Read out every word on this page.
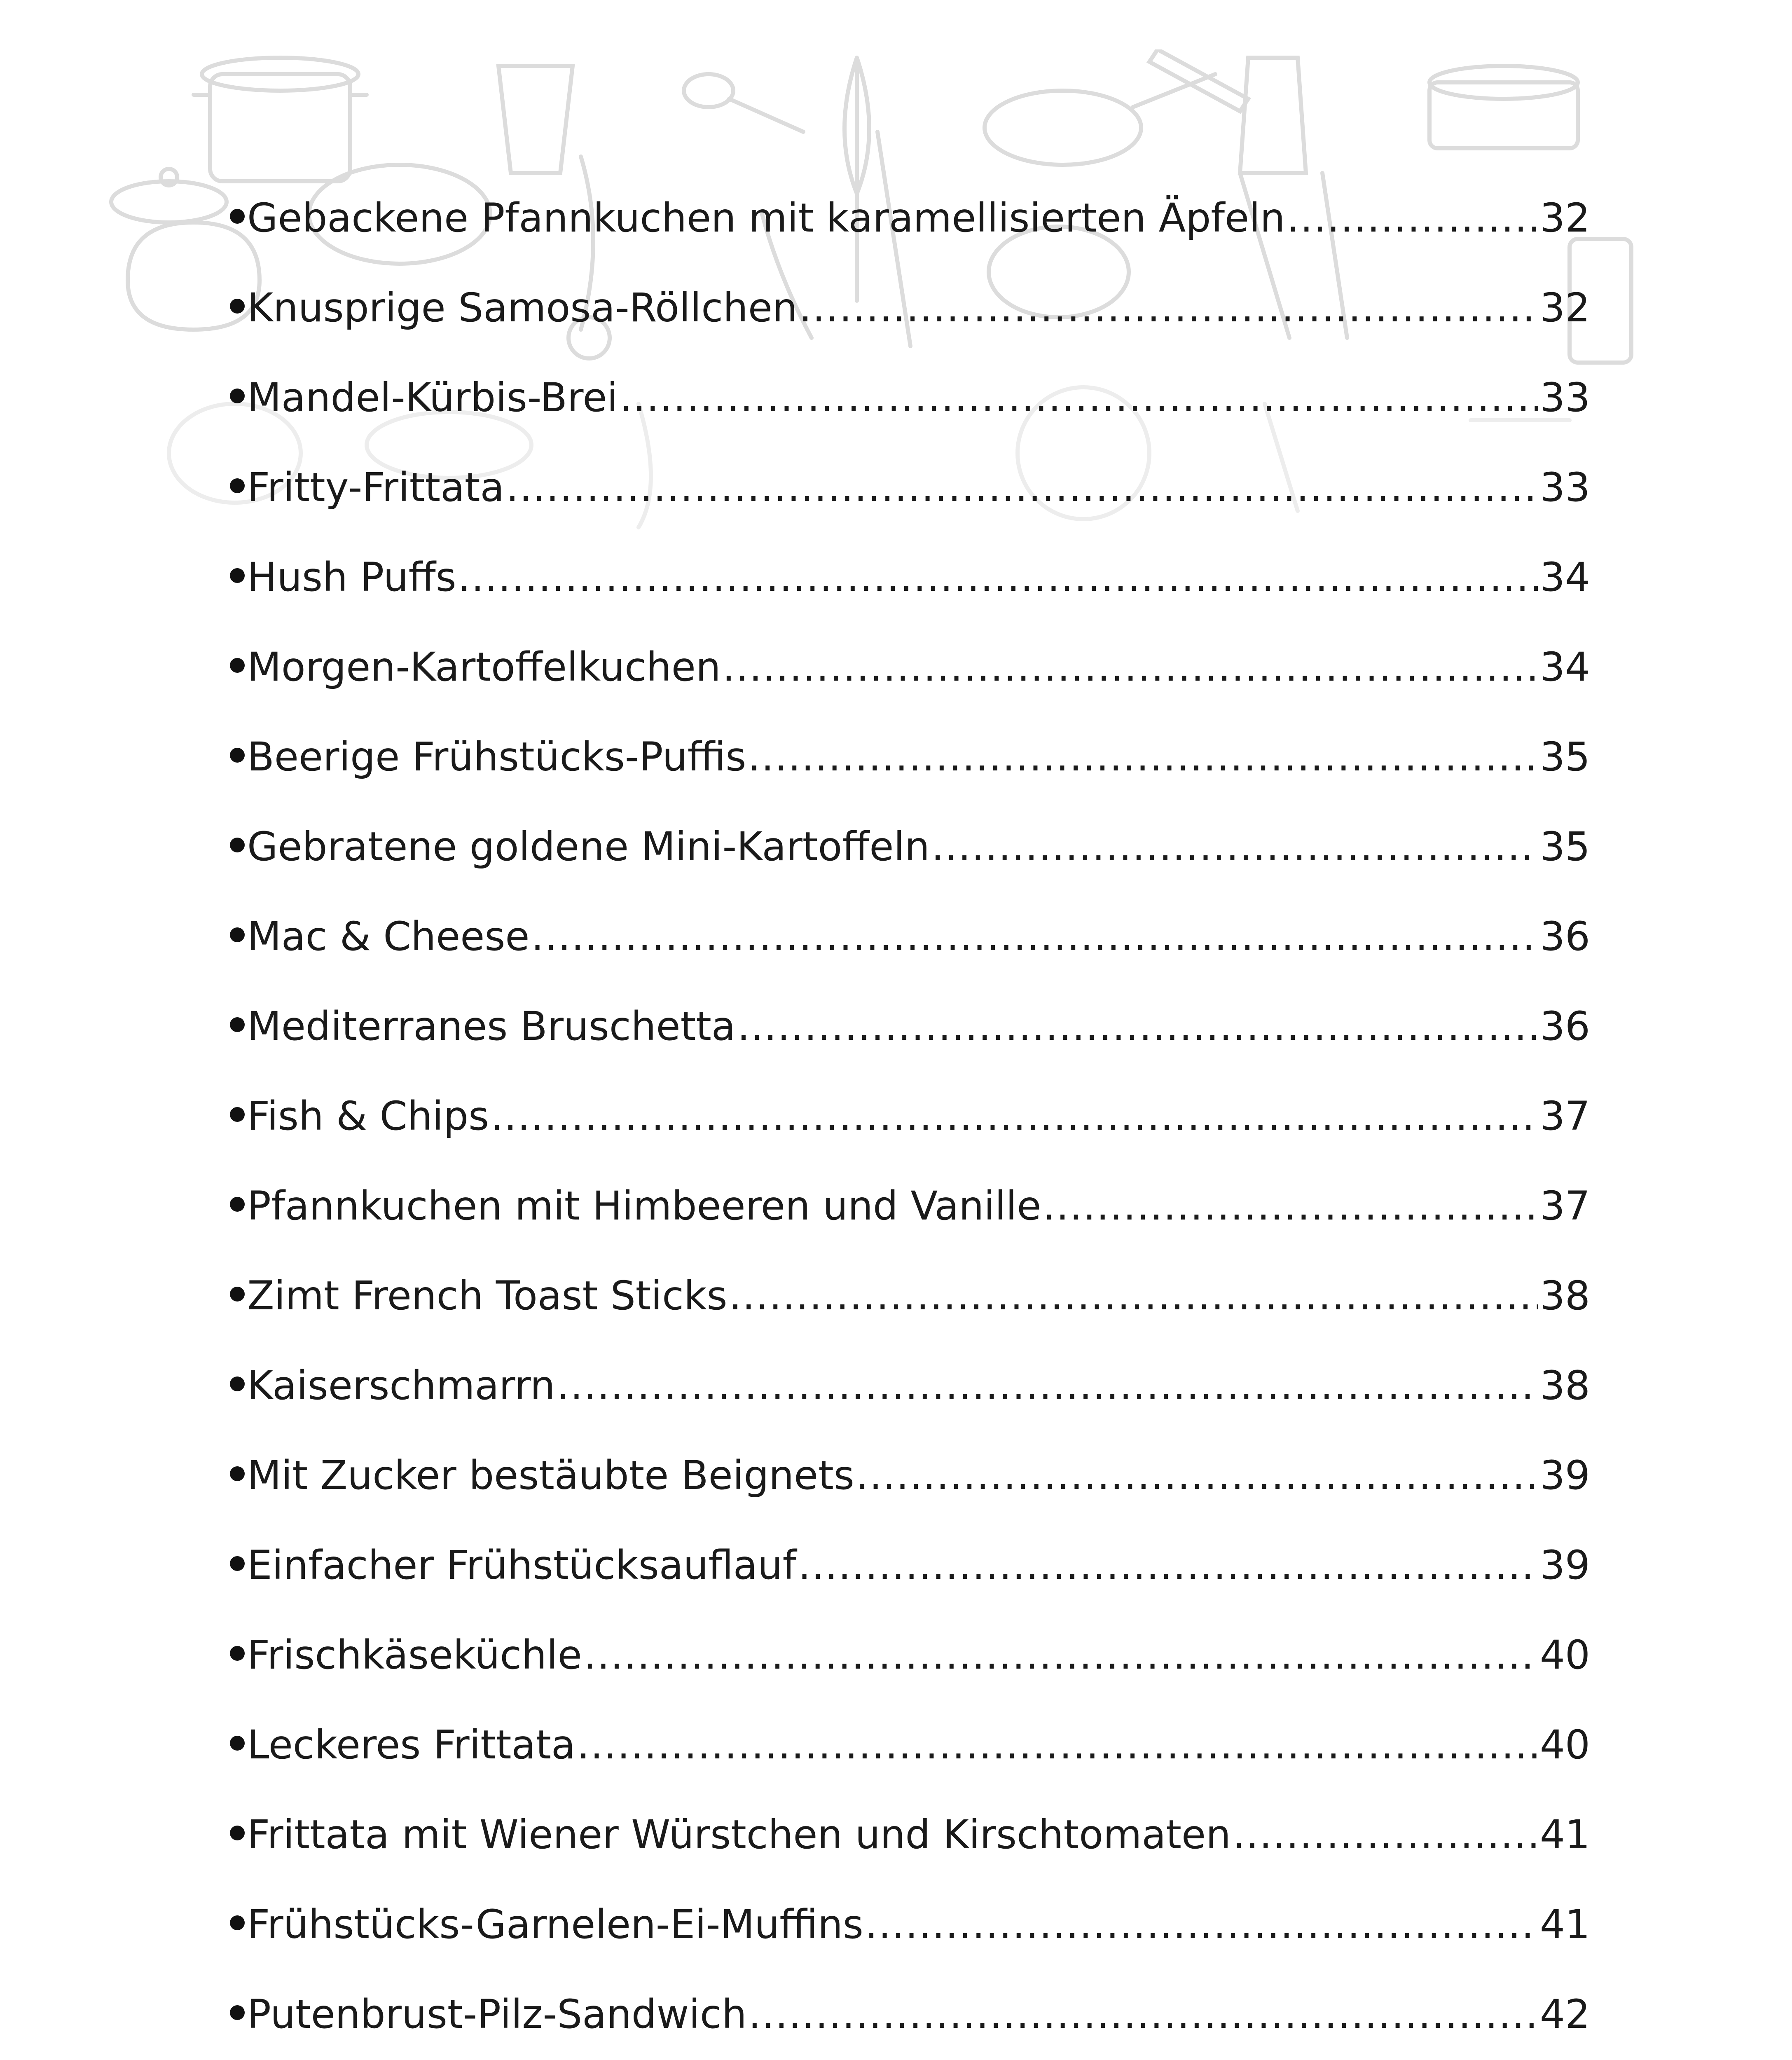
Gebackene Pfannkuchen mit karamellisierten Äpfeln .....	32
Knusprige Samosa-Röllchen .....	32
Mandel-Kürbis-Brei .....	33
Fritty-Frittata .....	33
Hush Puffs .....	34
Morgen-Kartoffelkuchen .....	34
Beerige Frühstücks-Puffis .....	35
Gebratene goldene Mini-Kartoffeln .....	35
Mac & Cheese .....	36
Mediterranes Bruschetta .....	36
Fish & Chips .....	37
Pfannkuchen mit Himbeeren und Vanille .....	37
Zimt French Toast Sticks .....	38
Kaiserschmarrn .....	38
Mit Zucker bestäubte Beignets .....	39
Einfacher Frühstücksauflauf .....	39
Frischkäseküchle .....	40
Leckeres Frittata .....	40
Frittata mit Wiener Würstchen und Kirschtomaten .....	41
Frühstücks-Garnelen-Ei-Muffins .....	41
Putenbrust-Pilz-Sandwich .....	42
